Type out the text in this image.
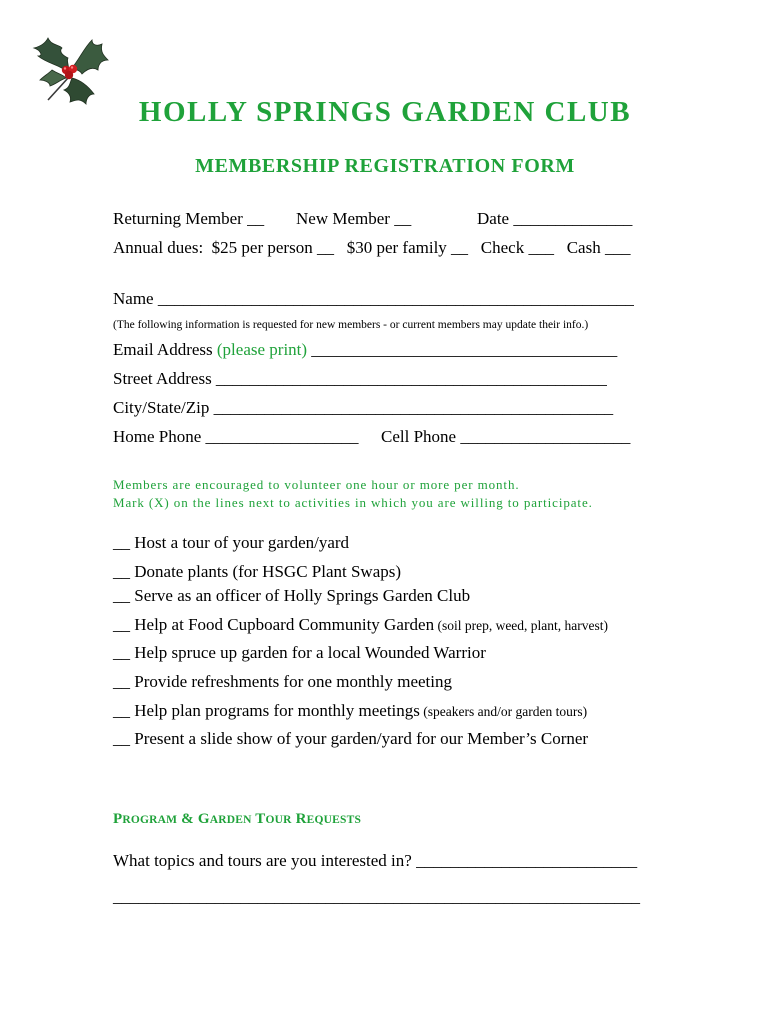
HOLLY SPRINGS GARDEN CLUB
MEMBERSHIP REGISTRATION FORM
Returning Member __ New Member __	Date ______________
Annual dues:  $25 per person __   $30 per family __   Check ___   Cash ___
Name ________________________________________________________
(The following information is requested for new members - or current members may update their info.)
Email Address (please print) ____________________________________
Street Address ______________________________________________
City/State/Zip _______________________________________________
Home Phone __________________ Cell Phone ____________________
Members are encouraged to volunteer one hour or more per month.
Mark (X) on the lines next to activities in which you are willing to participate.
__ Host a tour of your garden/yard
__ Donate plants (for HSGC Plant Swaps)
__ Serve as an officer of Holly Springs Garden Club
__ Help at Food Cupboard Community Garden (soil prep, weed, plant, harvest)
__ Help spruce up garden for a local Wounded Warrior
__ Provide refreshments for one monthly meeting
__ Help plan programs for monthly meetings (speakers and/or garden tours)
__ Present a slide show of your garden/yard for our Member’s Corner
PROGRAM & GARDEN TOUR REQUESTS
What topics and tours are you interested in? __________________________
______________________________________________________________
